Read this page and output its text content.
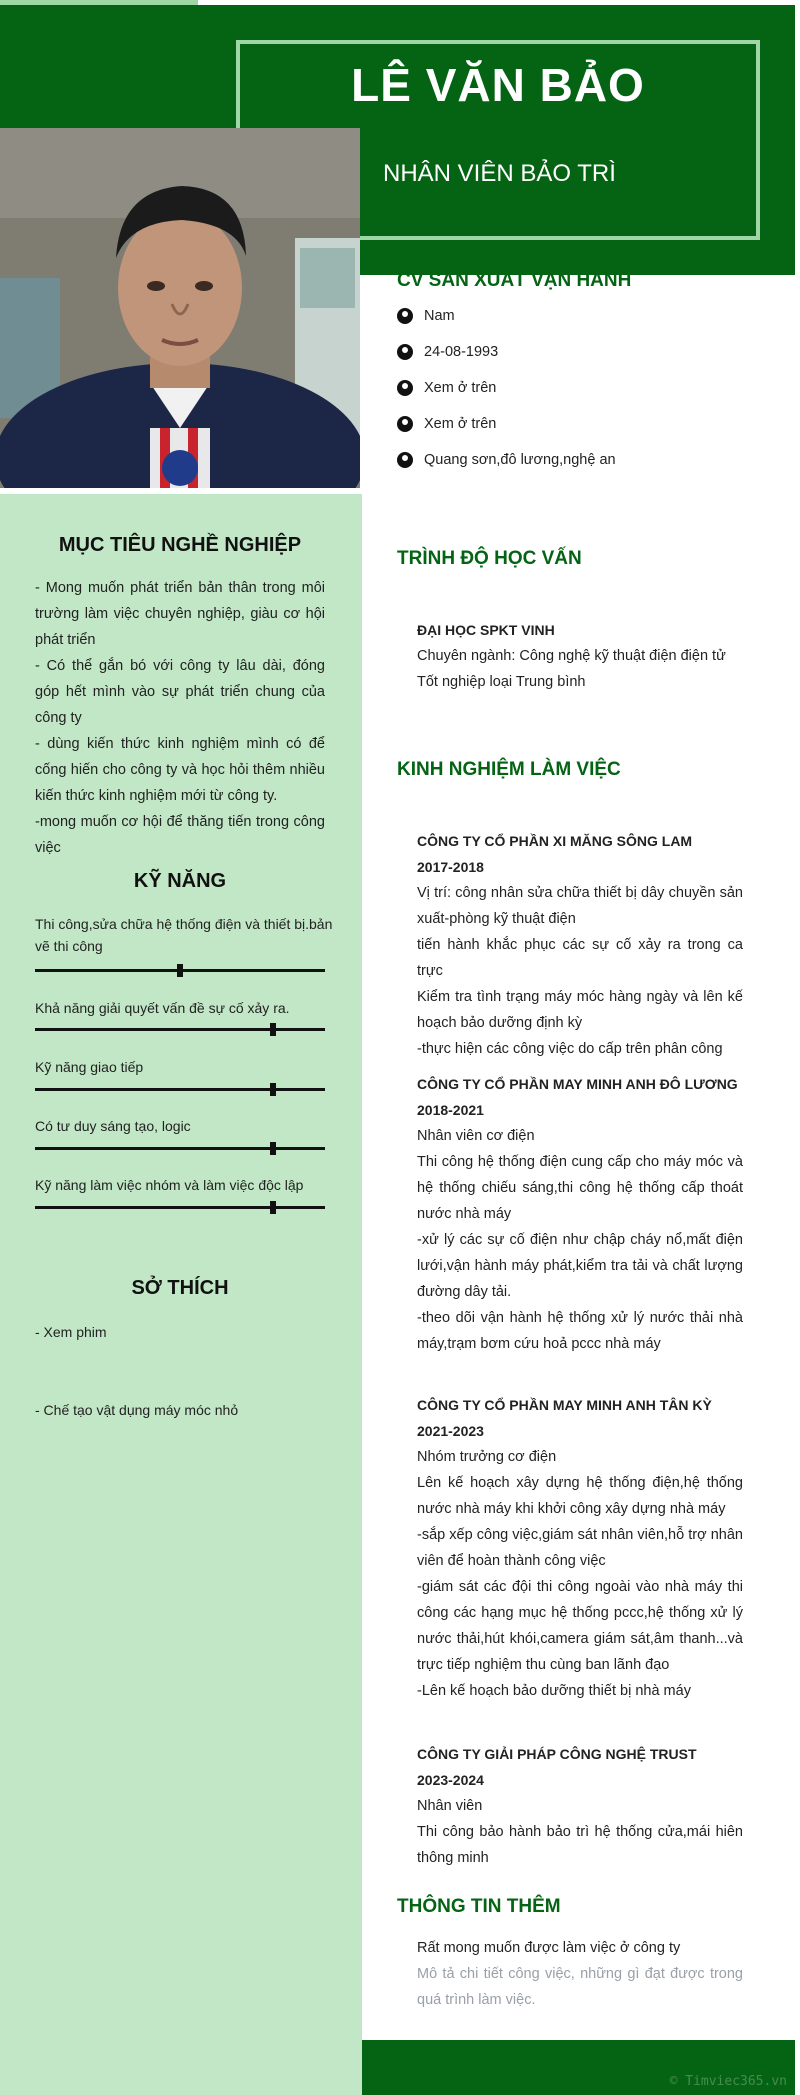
LÊ VĂN BẢO
NHÂN VIÊN BẢO TRÌ
MỤC TIÊU NGHỀ NGHIỆP
- Mong muốn phát triển bản thân trong môi trường làm việc chuyên nghiệp, giàu cơ hội phát triển
- Có thể gắn bó với công ty lâu dài, đóng góp hết mình vào sự phát triển chung của công ty
- dùng kiến thức kinh nghiệm mình có để cống hiến cho công ty và học hỏi thêm nhiều kiến thức kinh nghiệm mới từ công ty.
-mong muốn cơ hội để thăng tiến trong công việc
KỸ NĂNG
Thi công,sửa chữa hệ thống điện và thiết bị.bản vẽ thi công
Khả năng giải quyết vấn đề sự cố xảy ra.
Kỹ năng giao tiếp
Có tư duy sáng tạo, logic
Kỹ năng làm việc nhóm và làm việc độc lập
SỞ THÍCH
- Xem phim
- Chế tạo vật dụng máy móc nhỏ
CV SẢN XUẤT VẬN HÀNH
Nam
24-08-1993
Xem ở trên
Xem ở trên
Quang sơn,đô lương,nghệ an
TRÌNH ĐỘ HỌC VẤN
ĐẠI HỌC SPKT VINH
Chuyên ngành: Công nghệ kỹ thuật điện điện tử
Tốt nghiệp loại Trung bình
KINH NGHIỆM LÀM VIỆC
CÔNG TY CỔ PHẦN XI MĂNG SÔNG LAM
2017-2018
Vị trí: công nhân sửa chữa thiết bị dây chuyền sản xuất-phòng kỹ thuật điện
tiến hành khắc phục các sự cố xảy ra trong ca trực
Kiểm tra tình trạng máy móc hàng ngày và lên kế hoạch bảo dưỡng định kỳ
-thực hiện các công việc do cấp trên phân công
CÔNG TY CỔ PHẦN MAY MINH ANH ĐÔ LƯƠNG
2018-2021
Nhân viên cơ điện
Thi công hệ thống điện cung cấp cho máy móc và hệ thống chiếu sáng,thi công hệ thống cấp thoát nước nhà máy
-xử lý các sự cố điện như chập cháy nổ,mất điện lưới,vận hành máy phát,kiểm tra tải và chất lượng đường dây tải.
-theo dõi vận hành hệ thống xử lý nước thải nhà máy,trạm bơm cứu hoả pccc nhà máy
CÔNG TY CỔ PHẦN MAY MINH ANH TÂN KỲ
2021-2023
Nhóm trưởng cơ điện
Lên kế hoạch xây dựng hệ thống điện,hệ thống nước nhà máy khi khởi công xây dựng nhà máy
-sắp xếp công việc,giám sát nhân viên,hỗ trợ nhân viên để hoàn thành công việc
-giám sát các đội thi công ngoài vào nhà máy thi công các hạng mục hệ thống pccc,hệ thống xử lý nước thải,hút khói,camera giám sát,âm thanh...và trực tiếp nghiệm thu cùng ban lãnh đạo
-Lên kế hoạch bảo dưỡng thiết bị nhà máy
CÔNG TY GIẢI PHÁP CÔNG NGHỆ TRUST
2023-2024
Nhân viên
Thi công bảo hành bảo trì hệ thống cửa,mái hiên thông minh
THÔNG TIN THÊM
Rất mong muốn được làm việc ở công ty
Mô tả chi tiết công việc, những gì đạt được trong quá trình làm việc.
© Timviec365.vn
